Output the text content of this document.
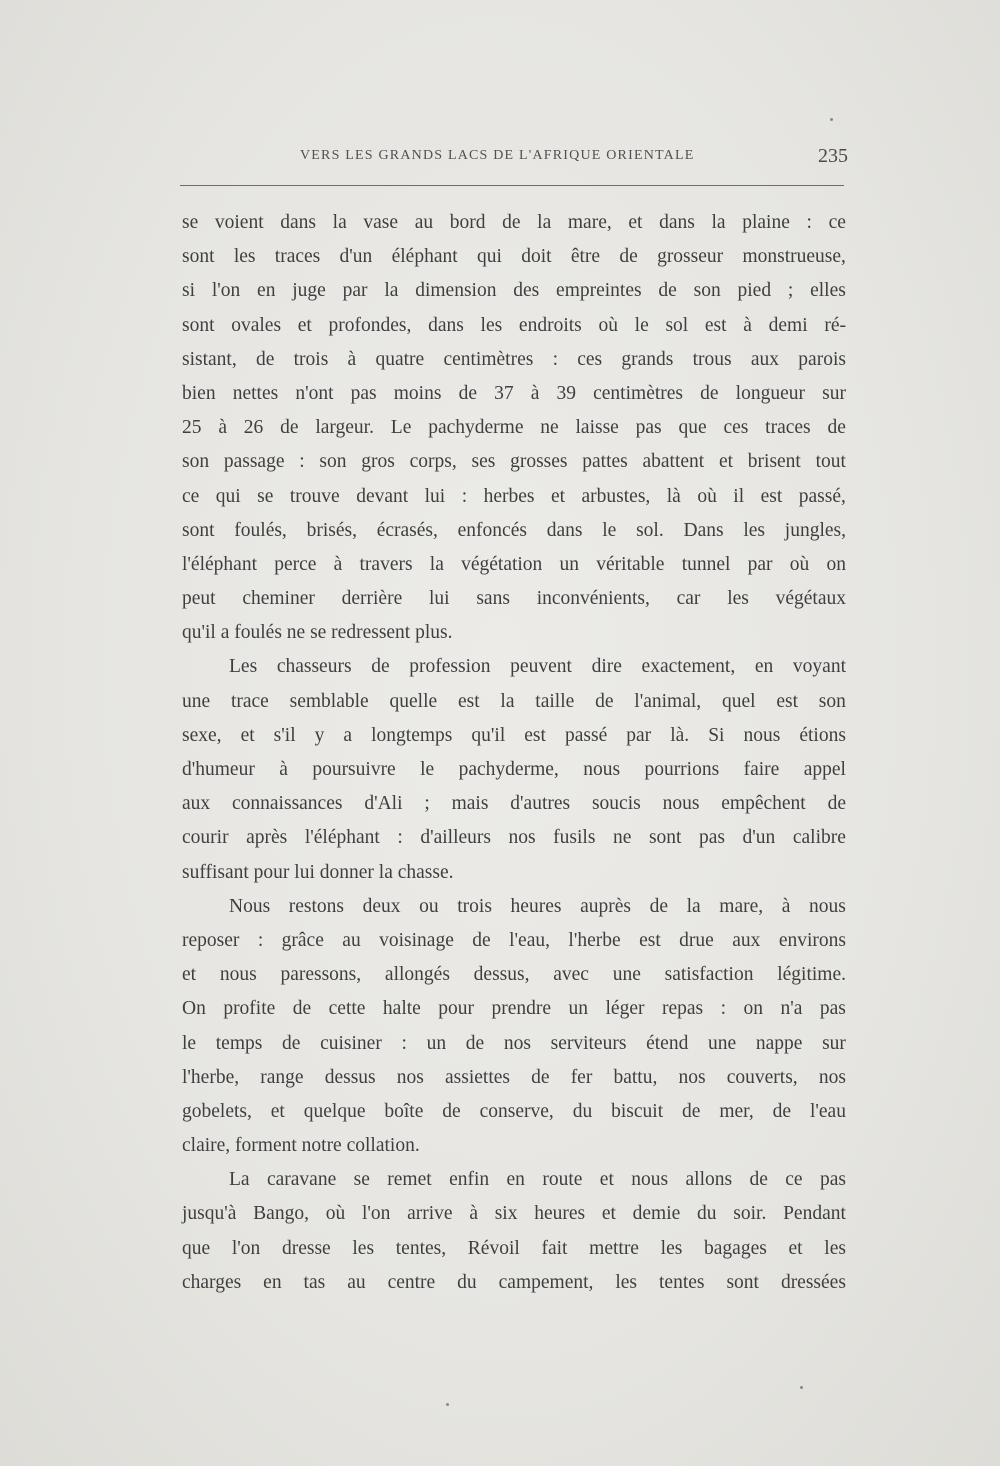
VERS LES GRANDS LACS DE L'AFRIQUE ORIENTALE	235
se voient dans la vase au bord de la mare, et dans la plaine : ce
sont les traces d'un éléphant qui doit être de grosseur monstrueuse,
si l'on en juge par la dimension des empreintes de son pied ; elles
sont ovales et profondes, dans les endroits où le sol est à demi ré-
sistant, de trois à quatre centimètres : ces grands trous aux parois
bien nettes n'ont pas moins de 37 à 39 centimètres de longueur sur
25 à 26 de largeur. Le pachyderme ne laisse pas que ces traces de
son passage : son gros corps, ses grosses pattes abattent et brisent tout
ce qui se trouve devant lui : herbes et arbustes, là où il est passé,
sont foulés, brisés, écrasés, enfoncés dans le sol. Dans les jungles,
l'éléphant perce à travers la végétation un véritable tunnel par où on
peut cheminer derrière lui sans inconvénients, car les végétaux
qu'il a foulés ne se redressent plus.
Les chasseurs de profession peuvent dire exactement, en voyant
une trace semblable quelle est la taille de l'animal, quel est son
sexe, et s'il y a longtemps qu'il est passé par là. Si nous étions
d'humeur à poursuivre le pachyderme, nous pourrions faire appel
aux connaissances d'Ali ; mais d'autres soucis nous empêchent de
courir après l'éléphant : d'ailleurs nos fusils ne sont pas d'un calibre
suffisant pour lui donner la chasse.
Nous restons deux ou trois heures auprès de la mare, à nous
reposer : grâce au voisinage de l'eau, l'herbe est drue aux environs
et nous paressons, allongés dessus, avec une satisfaction légitime.
On profite de cette halte pour prendre un léger repas : on n'a pas
le temps de cuisiner : un de nos serviteurs étend une nappe sur
l'herbe, range dessus nos assiettes de fer battu, nos couverts, nos
gobelets, et quelque boîte de conserve, du biscuit de mer, de l'eau
claire, forment notre collation.
La caravane se remet enfin en route et nous allons de ce pas
jusqu'à Bango, où l'on arrive à six heures et demie du soir. Pendant
que l'on dresse les tentes, Révoil fait mettre les bagages et les
charges en tas au centre du campement, les tentes sont dressées
